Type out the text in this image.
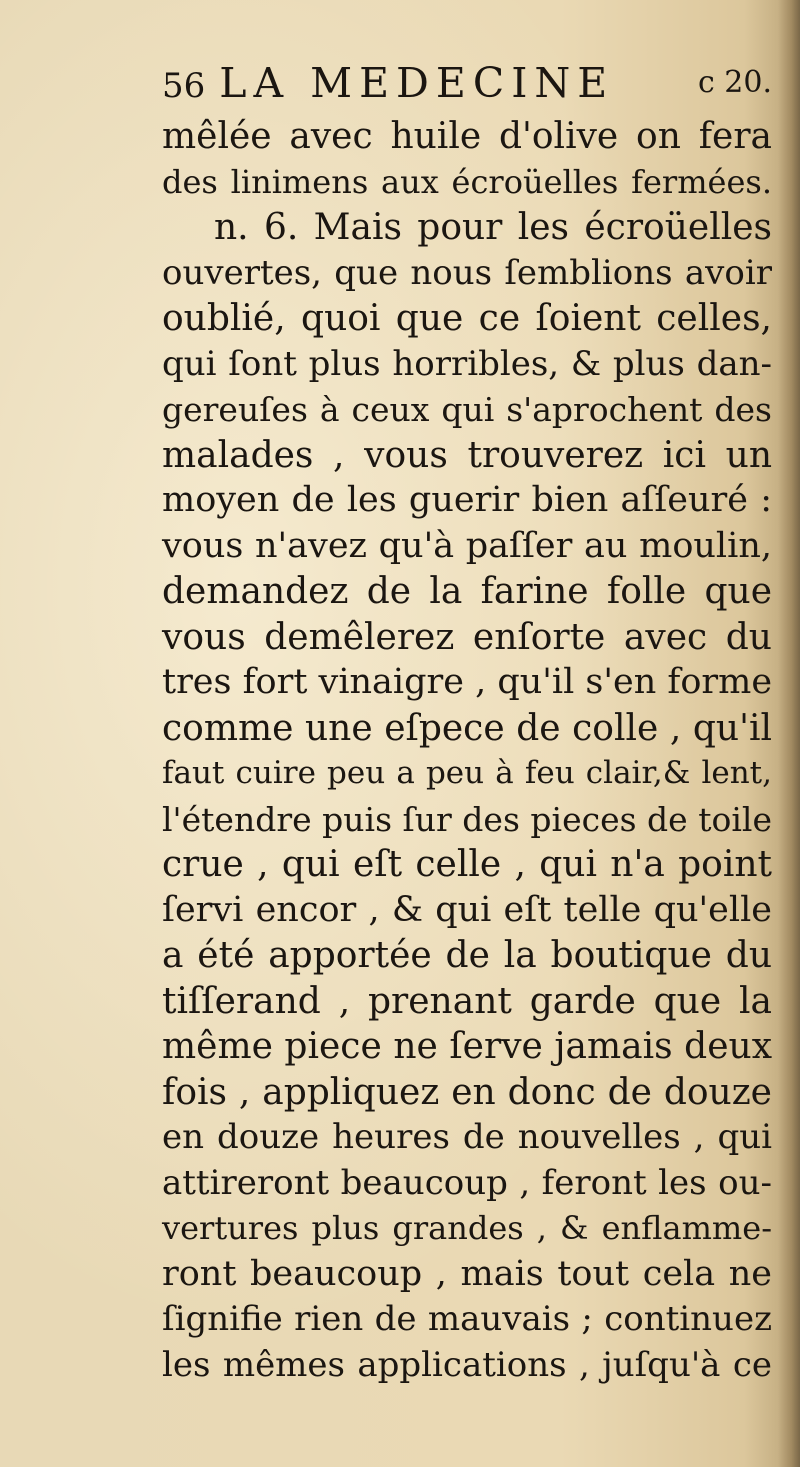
56 LA MEDECINE	c 20.
mêlée avec huile d'olive on fera
des linimens aux écroüelles fermées.
n. 6. Mais pour les écroüelles
ouvertes, que nous ſemblions avoir
oublié, quoi que ce ſoient celles,
qui ſont plus horribles, & plus dan-
gereuſes à ceux qui s'aprochent des
malades , vous trouverez ici un
moyen de les guerir bien aſſeuré :
vous n'avez qu'à paſſer au moulin,
demandez de la farine folle que
vous demêlerez enſorte avec du
tres fort vinaigre , qu'il s'en forme
comme une eſpece de colle , qu'il
faut cuire peu a peu à feu clair,& lent,
l'étendre puis ſur des pieces de toile
crue , qui eſt celle , qui n'a point
ſervi encor , & qui eſt telle qu'elle
a été apportée de la boutique du
tiſſerand , prenant garde que la
même piece ne ſerve jamais deux
fois , appliquez en donc de douze
en douze heures de nouvelles , qui
attireront beaucoup , feront les ou-
vertures plus grandes , & enflamme-
ront beaucoup , mais tout cela ne
ſignifie rien de mauvais ; continuez
les mêmes applications , juſqu'à ce
